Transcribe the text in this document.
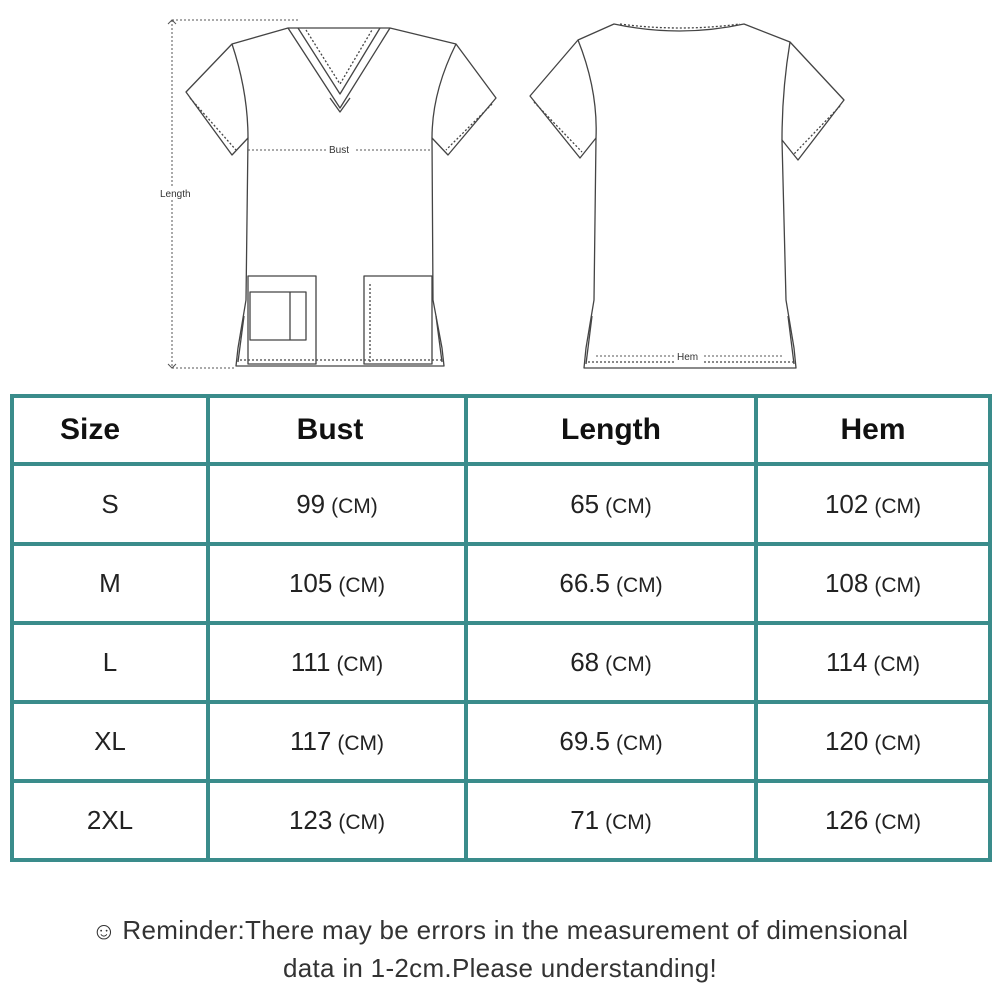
Length
Bust
Hem
Size	Bust	Length	Hem
S	99 (CM)	65 (CM)	102 (CM)
M	105 (CM)	66.5 (CM)	108 (CM)
L	111 (CM)	68 (CM)	114 (CM)
XL	117 (CM)	69.5 (CM)	120 (CM)
2XL	123 (CM)	71 (CM)	126 (CM)
☺ Reminder:There may be errors in the measurement of dimensional
data in 1-2cm.Please understanding!
